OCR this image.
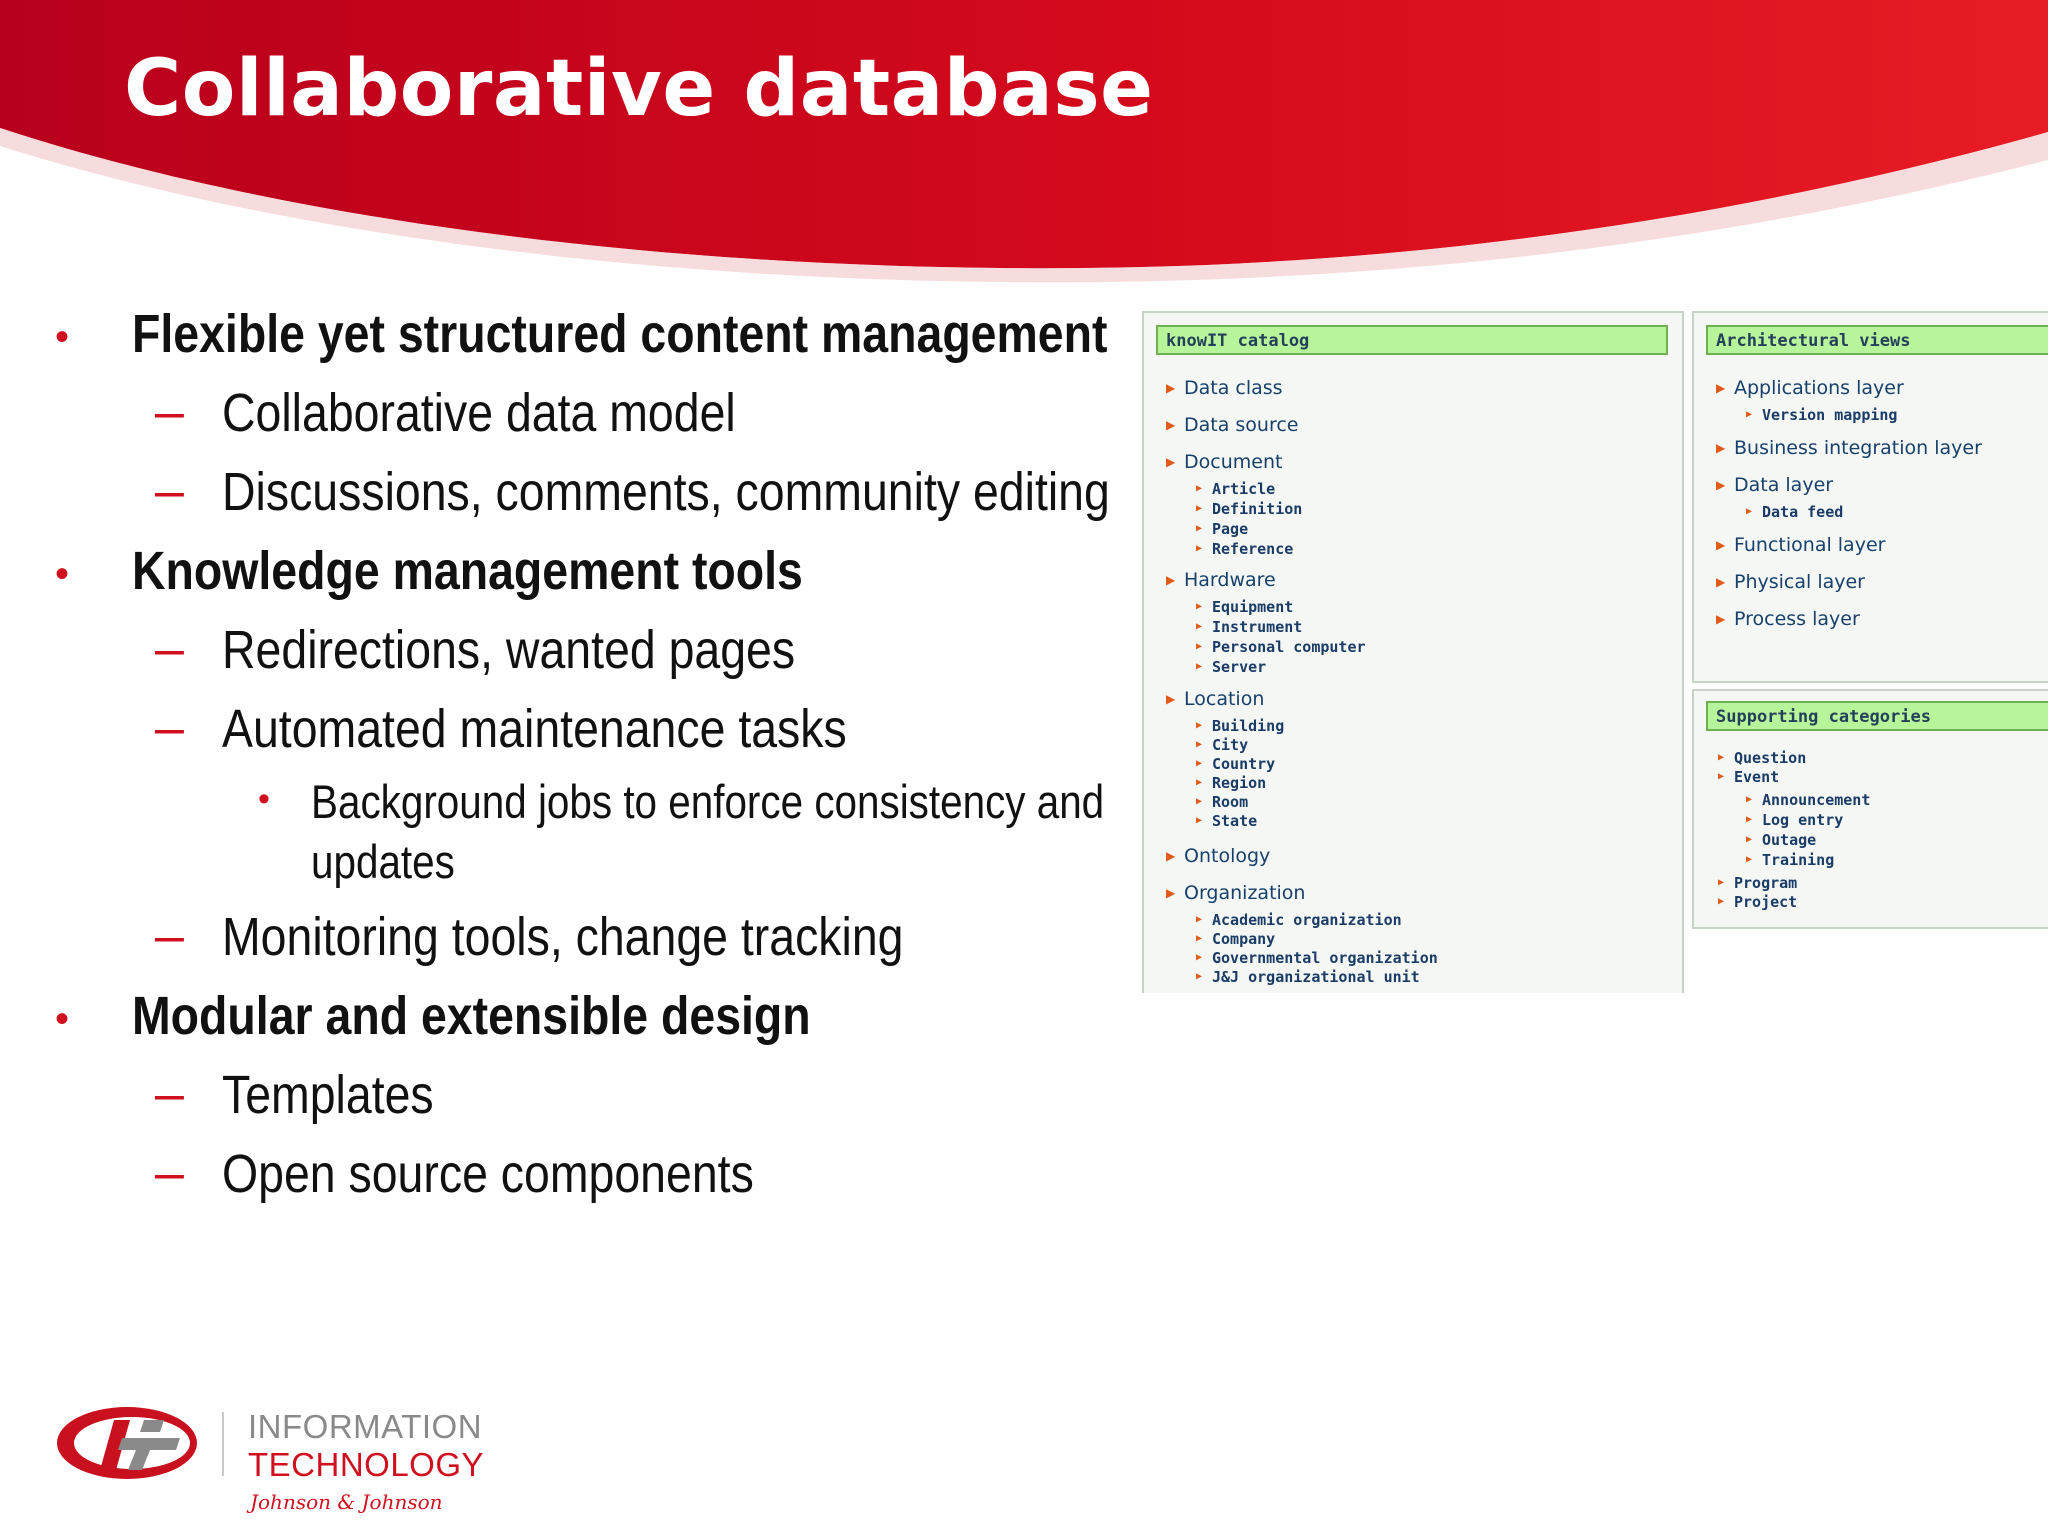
Collaborative database
• Flexible yet structured content management
– Collaborative data model
– Discussions, comments, community editing
• Knowledge management tools
– Redirections, wanted pages
– Automated maintenance tasks
• Background jobs to enforce consistency and
updates
– Monitoring tools, change tracking
• Modular and extensible design
– Templates
– Open source components
knowIT catalog
▶ Data class
▶ Data source
▶ Document
▶ Article
▶ Definition
▶ Page
▶ Reference
▶ Hardware
▶ Equipment
▶ Instrument
▶ Personal computer
▶ Server
▶ Location
▶ Building
▶ City
▶ Country
▶ Region
▶ Room
▶ State
▶ Ontology
▶ Organization
▶ Academic organization
▶ Company
▶ Governmental organization
▶ J&J organizational unit
Architectural views
▶ Applications layer
▶ Version mapping
▶ Business integration layer
▶ Data layer
▶ Data feed
▶ Functional layer
▶ Physical layer
▶ Process layer
Supporting categories
▶ Question
▶ Event
▶ Announcement
▶ Log entry
▶ Outage
▶ Training
▶ Program
▶ Project
INFORMATION
TECHNOLOGY
Johnson & Johnson
